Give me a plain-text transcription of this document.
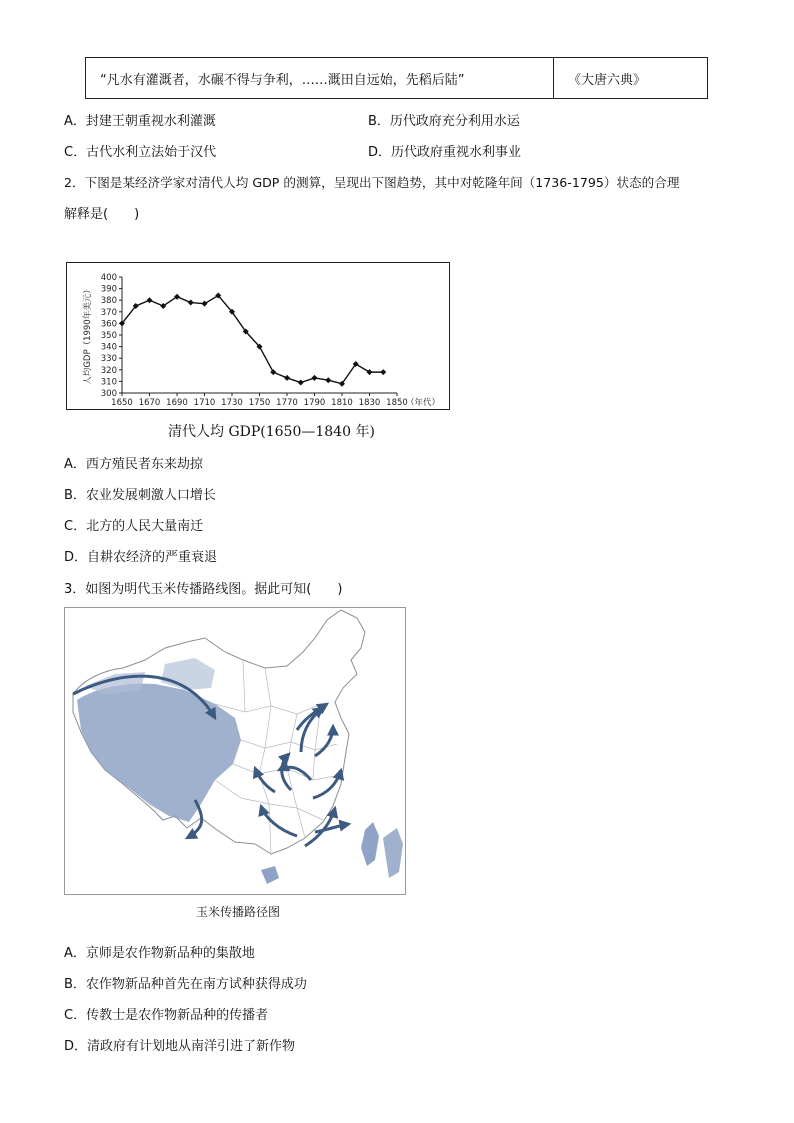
“凡水有灌溉者，水碾不得与争利，……溉田自远始，先稻后陆”	《大唐六典》
A．封建王朝重视水利灌溉	B．历代政府充分利用水运
C．古代水利立法始于汉代	D．历代政府重视水利事业
2．下图是某经济学家对清代人均 GDP 的测算，呈现出下图趋势，其中对乾隆年间（1736-1795）状态的合理
解释是(　　)
人均GDP（1990年美元）
（年代）
1650 1670 1690 1710 1730 1750 1770 1790 1810 1830 1850
300
310
320
330
340
350
360
370
380
390
400
清代人均 GDP(1650—1840 年)
A．西方殖民者东来劫掠
B．农业发展刺激人口增长
C．北方的人民大量南迁
D．自耕农经济的严重衰退
3．如图为明代玉米传播路线图。据此可知(　　)
玉米传播路径图
A．京师是农作物新品种的集散地
B．农作物新品种首先在南方试种获得成功
C．传教士是农作物新品种的传播者
D．清政府有计划地从南洋引进了新作物
